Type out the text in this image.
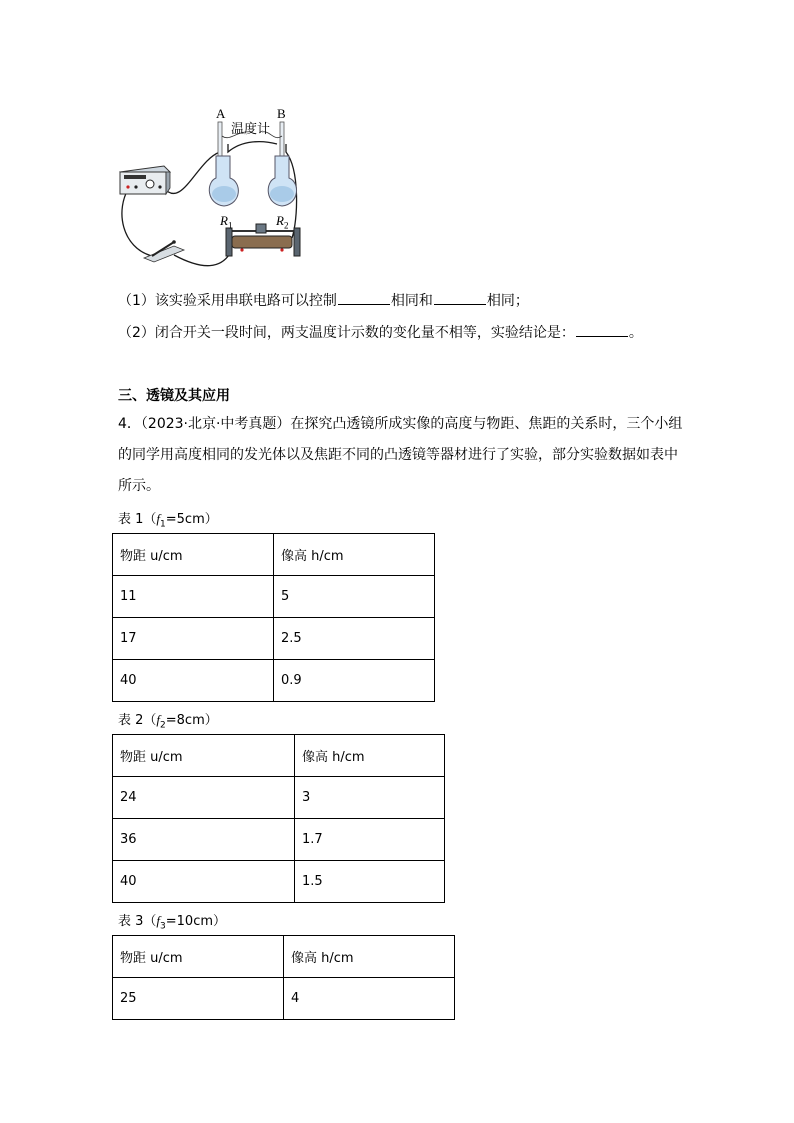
A	B
温度计
$R_1$	$R_2$
（1）该实验采用串联电路可以控制	相同和	相同；
（2）闭合开关一段时间，两支温度计示数的变化量不相等，实验结论是：	。
三、透镜及其应用
4．（2023·北京·中考真题）在探究凸透镜所成实像的高度与物距、焦距的关系时，三个小组
的同学用高度相同的发光体以及焦距不同的凸透镜等器材进行了实验，部分实验数据如表中
所示。
表 $1(f_1=5cm)$
物距 u/cm	像高 h/cm
11	5
17	2.5
40	0.9
表 $2(f_2=8cm)$
物距 u/cm	像高 h/cm
24	3
36	1.7
40	1.5
表 $3(f_3=10cm)$
物距 u/cm	像高 h/cm
25	4
